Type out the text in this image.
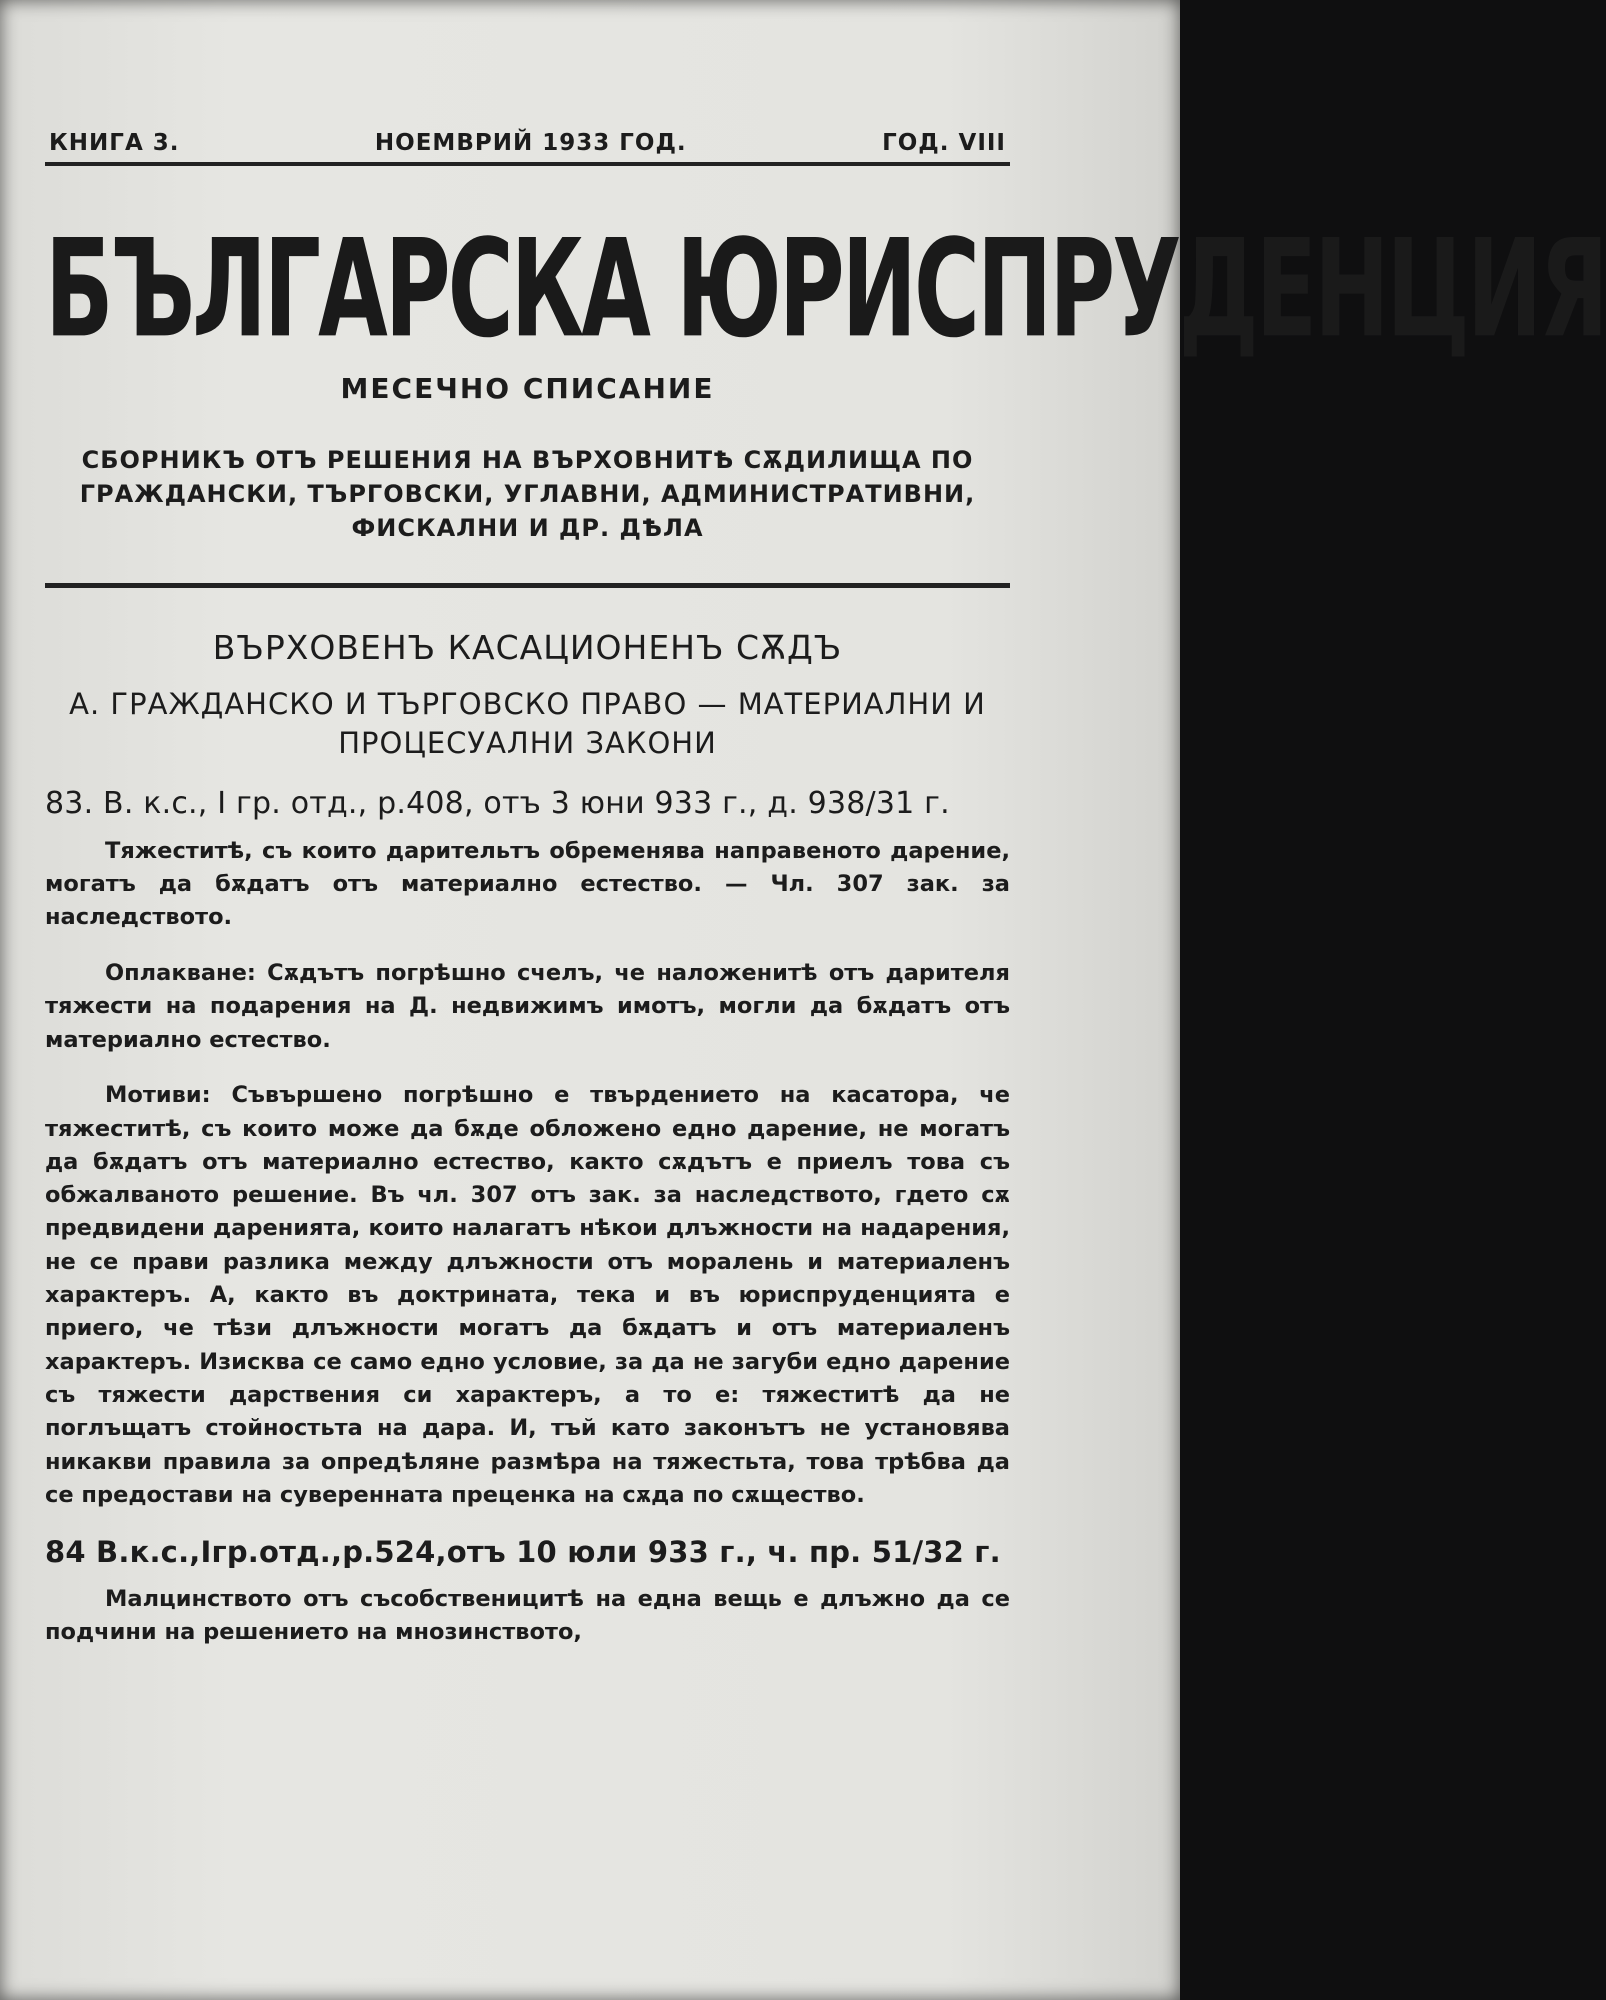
КНИГА 3.	НОЕМВРИЙ 1933 ГОД.	ГОД. VIII
БЪЛГАРСКА ЮРИСПРУДЕНЦИЯ
МЕСЕЧНО СПИСАНИЕ
СБОРНИКЪ ОТЪ РЕШЕНИЯ НА ВЪРХОВНИТѢ СѪДИЛИЩА ПО ГРАЖДАНСКИ, ТЪРГОВСКИ, УГЛАВНИ, АДМИНИСТРАТИВНИ, ФИСКАЛНИ И ДР. ДѢЛА
ВЪРХОВЕНЪ КАСАЦИОНЕНЪ СѪДЪ
А. ГРАЖДАНСКО И ТЪРГОВСКО ПРАВО — МАТЕРИАЛНИ И ПРОЦЕСУАЛНИ ЗАКОНИ
83. В. к.с., I гр. отд., р.408, отъ 3 юни 933 г., д. 938/31 г.

Тяжеститѣ, съ които дарительтъ обременява направеното дарение, могатъ да бѫдатъ отъ материално естество. — Чл. 307 зак. за наследството.

Оплакване: Сѫдътъ погрѣшно счелъ, че наложенитѣ отъ дарителя тяжести на подарения на Д. недвижимъ имотъ, могли да бѫдатъ отъ материално естество.

Мотиви: Съвършено погрѣшно е твърдението на касатора, че тяжеститѣ, съ които може да бѫде обложено едно дарение, не могатъ да бѫдатъ отъ материално естество, както сѫдътъ е приелъ това съ обжалваното решение. Въ чл. 307 отъ зак. за наследството, гдето сѫ предвидени даренията, които налагатъ нѣкои длъжности на надарения, не се прави разлика между длъжности отъ моралень и материаленъ характеръ. А, както въ доктрината, тека и въ юриспруденцията е приего, че тѣзи длъжности могатъ да бѫдатъ и отъ материаленъ характеръ. Изисква се само едно условие, за да не загуби едно дарение съ тяжести дарствения си характеръ, а то е: тяжеститѣ да не поглъщатъ стойностьта на дара. И, тъй като законътъ не установява никакви правила за опредѣляне размѣра на тяжестьта, това трѣбва да се предостави на суверенната преценка на сѫда по сѫщество.

84 В.к.с.,Iгр.отд.,р.524,отъ 10 юли 933 г., ч. пр. 51/32 г.

Малцинството отъ съсобственицитѣ на една вещь е длъжно да се подчини на решението на мнозинството,
